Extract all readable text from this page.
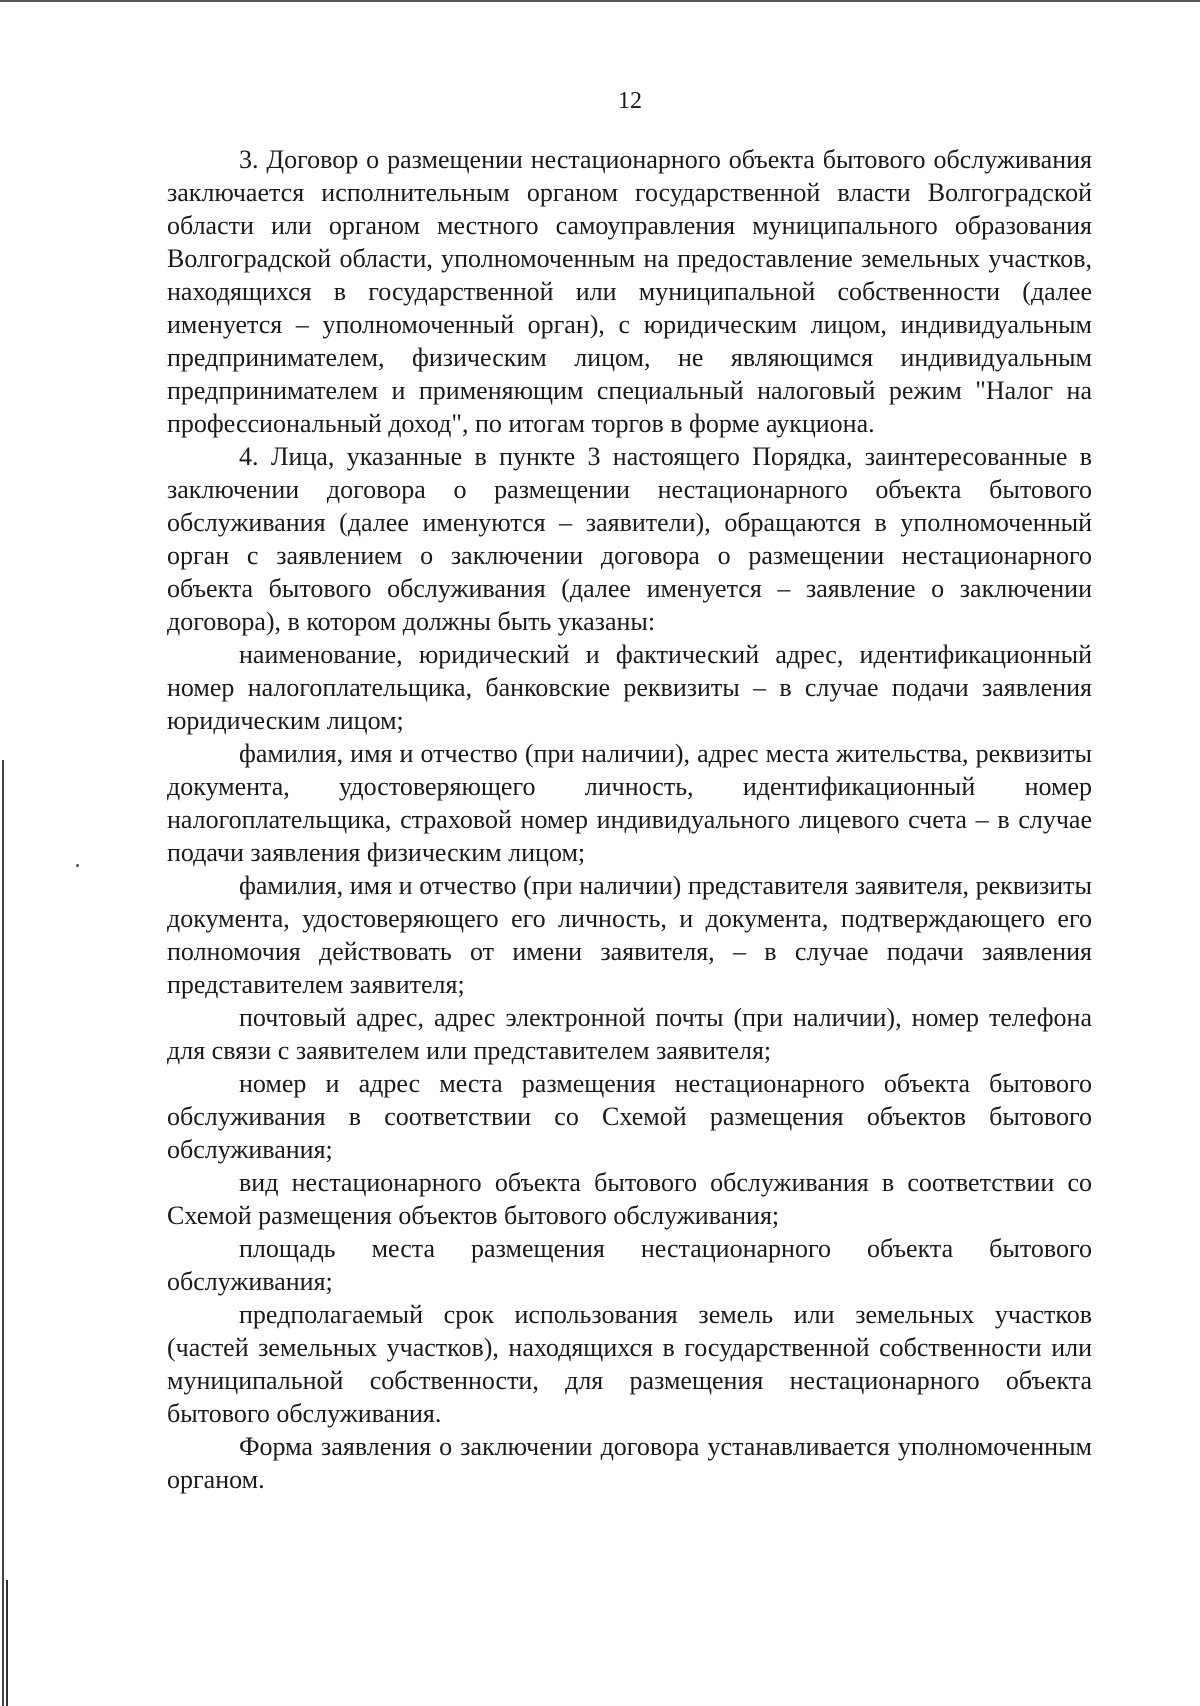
12

3. Договор о размещении нестационарного объекта бытового обслуживания заключается исполнительным органом государственной власти Волгоградской области или органом местного самоуправления муниципального образования Волгоградской области, уполномоченным на предоставление земельных участков, находящихся в государственной или муниципальной собственности (далее именуется – уполномоченный орган), с юридическим лицом, индивидуальным предпринимателем, физическим лицом, не являющимся индивидуальным предпринимателем и применяющим специальный налоговый режим "Налог на профессиональный доход", по итогам торгов в форме аукциона.

4. Лица, указанные в пункте 3 настоящего Порядка, заинтересованные в заключении договора о размещении нестационарного объекта бытового обслуживания (далее именуются – заявители), обращаются в уполномоченный орган с заявлением о заключении договора о размещении нестационарного объекта бытового обслуживания (далее именуется – заявление о заключении договора), в котором должны быть указаны:

наименование, юридический и фактический адрес, идентификационный номер налогоплательщика, банковские реквизиты – в случае подачи заявления юридическим лицом;

фамилия, имя и отчество (при наличии), адрес места жительства, реквизиты документа, удостоверяющего личность, идентификационный номер налогоплательщика, страховой номер индивидуального лицевого счета – в случае подачи заявления физическим лицом;

фамилия, имя и отчество (при наличии) представителя заявителя, реквизиты документа, удостоверяющего его личность, и документа, подтверждающего его полномочия действовать от имени заявителя, – в случае подачи заявления представителем заявителя;

почтовый адрес, адрес электронной почты (при наличии), номер телефона для связи с заявителем или представителем заявителя;

номер и адрес места размещения нестационарного объекта бытового обслуживания в соответствии со Схемой размещения объектов бытового обслуживания;

вид нестационарного объекта бытового обслуживания в соответствии со Схемой размещения объектов бытового обслуживания;

площадь места размещения нестационарного объекта бытового обслуживания;

предполагаемый срок использования земель или земельных участков (частей земельных участков), находящихся в государственной собственности или муниципальной собственности, для размещения нестационарного объекта бытового обслуживания.

Форма заявления о заключении договора устанавливается уполномоченным органом.
